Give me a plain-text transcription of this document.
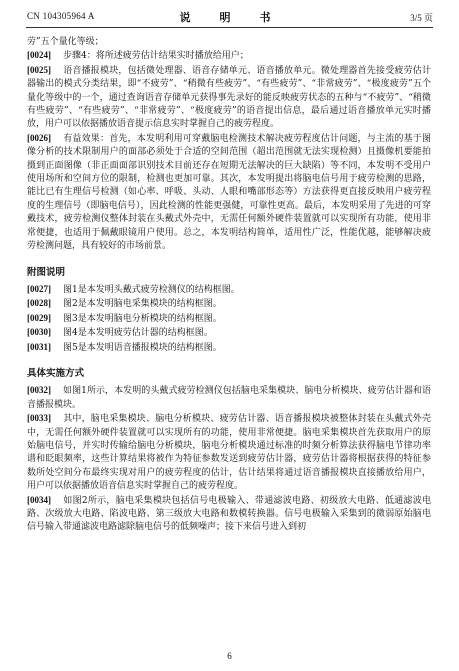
CN 104305964 A	说　明　书	3/5 页

劳”五个量化等级；

[0024] 步骤4：将所述疲劳估计结果实时播放给用户；

[0025] 语音播报模块，包括微处理器、语音存储单元、语音播放单元。微处理器首先接受疲劳估计器输出的模式分类结果，即“不疲劳”、“稍微有些疲劳”、“有些疲劳”、“非常疲劳”、“极度疲劳”五个量化等级中的一个，通过查询语音存储单元获得事先录好的能反映疲劳状态的五种与“不疲劳”、“稍微有些疲劳”、“有些疲劳”、“非常疲劳”、“极度疲劳”的语音提出信息，最后通过语音播放单元实时播放，用户可以依据播放语音提示信息实时掌握自己的疲劳程度。

[0026] 有益效果：首先，本发明利用可穿戴脑电检测技术解决疲劳程度估计问题，与主流的基于图像分析的技术限制用户的面部必须处于合适的空间范围（超出范围就无法实现检测）且摄像机要能拍摄到正面图像（非正面面部识别技术目前还存在短期无法解决的巨大缺陷）等不同，本发明不受用户使用场所和空间方位的限制，检测也更加可靠。其次，本发明提出将脑电信号用于疲劳检测的思路，能比已有生理信号检测（如心率、呼吸、头动、人眼和嘴部形态等）方法获得更直接反映用户疲劳程度的生理信号（即脑电信号），因此检测的性能更强健，可靠性更高。最后，本发明采用了先进的可穿戴技术，疲劳检测仪整体封装在头戴式外壳中，无需任何额外硬件装置就可以实现所有功能，使用非常便捷，也适用于佩戴眼镜用户使用。总之，本发明结构简单，适用性广泛，性能优越，能够解决疲劳检测问题，具有较好的市场前景。

附图说明

[0027] 图1是本发明头戴式疲劳检测仪的结构框图。

[0028] 图2是本发明脑电采集模块的结构框图。

[0029] 图3是本发明脑电分析模块的结构框图。

[0030] 图4是本发明疲劳估计器的结构框图。

[0031] 图5是本发明语音播报模块的结构框图。

具体实施方式

[0032] 如图1所示，本发明的头戴式疲劳检测仪包括脑电采集模块、脑电分析模块、疲劳估计器和语音播报模块。

[0033] 其中，脑电采集模块、脑电分析模块、疲劳估计器、语音播报模块被整体封装在头戴式外壳中，无需任何额外硬件装置就可以实现所有的功能，使用非常便捷。脑电采集模块首先获取用户的原始脑电信号，并实时传输给脑电分析模块，脑电分析模块通过标准的时频分析算法获得脑电节律功率谱和眨眼频率，这些计算结果将被作为特征参数发送到疲劳估计器，疲劳估计器将根据获得的特征参数所处空间分布最终实现对用户的疲劳程度的估计，估计结果将通过语音播报模块直接播放给用户，用户可以依据播放语音信息实时掌握自己的疲劳程度。

[0034] 如图2所示，脑电采集模块包括信号电极输入、带通滤波电路、初级放大电路、低通滤波电路、次级放大电路、陷波电路、第三级放大电路和数模转换器。信号电极输入采集到的微弱原始脑电信号输入带通滤波电路滤除脑电信号的低频噪声；接下来信号进入到初

6
